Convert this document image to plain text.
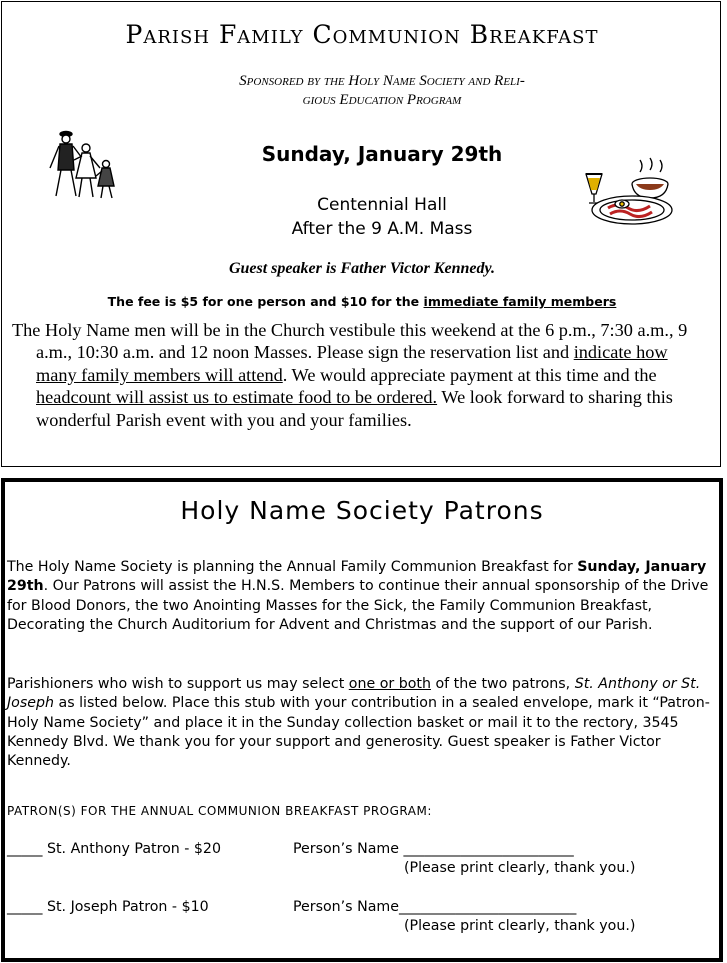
Parish Family Communion Breakfast
Sponsored by the Holy Name Society and Reli-
gious Education Program
Sunday, January 29th
Centennial Hall
After the 9 A.M. Mass
Guest speaker is Father Victor Kennedy.
The fee is $5 for one person and $10 for the immediate family members
The Holy Name men will be in the Church vestibule this weekend at the 6 p.m., 7:30 a.m., 9 a.m., 10:30 a.m. and 12 noon Masses. Please sign the reservation list and indicate how many family members will attend. We would appreciate payment at this time and the headcount will assist us to estimate food to be ordered. We look forward to sharing this wonderful Parish event with you and your families.
Holy Name Society Patrons
The Holy Name Society is planning the Annual Family Communion Breakfast for Sunday, January 29th. Our Patrons will assist the H.N.S. Members to continue their annual sponsorship of the Drive for Blood Donors, the two Anointing Masses for the Sick, the Family Communion Breakfast, Decorating the Church Auditorium for Advent and Christmas and the support of our Parish.
Parishioners who wish to support us may select one or both of the two patrons, St. Anthony or St. Joseph as listed below. Place this stub with your contribution in a sealed envelope, mark it “Patron-Holy Name Society” and place it in the Sunday collection basket or mail it to the rectory, 3545 Kennedy Blvd. We thank you for your support and generosity. Guest speaker is Father Victor Kennedy.
PATRON(S) FOR THE ANNUAL COMMUNION BREAKFAST PROGRAM:
_____ St. Anthony Patron - $20	Person’s Name ________________________
(Please print clearly, thank you.)
_____ St. Joseph Patron - $10	Person’s Name_________________________
(Please print clearly, thank you.)
